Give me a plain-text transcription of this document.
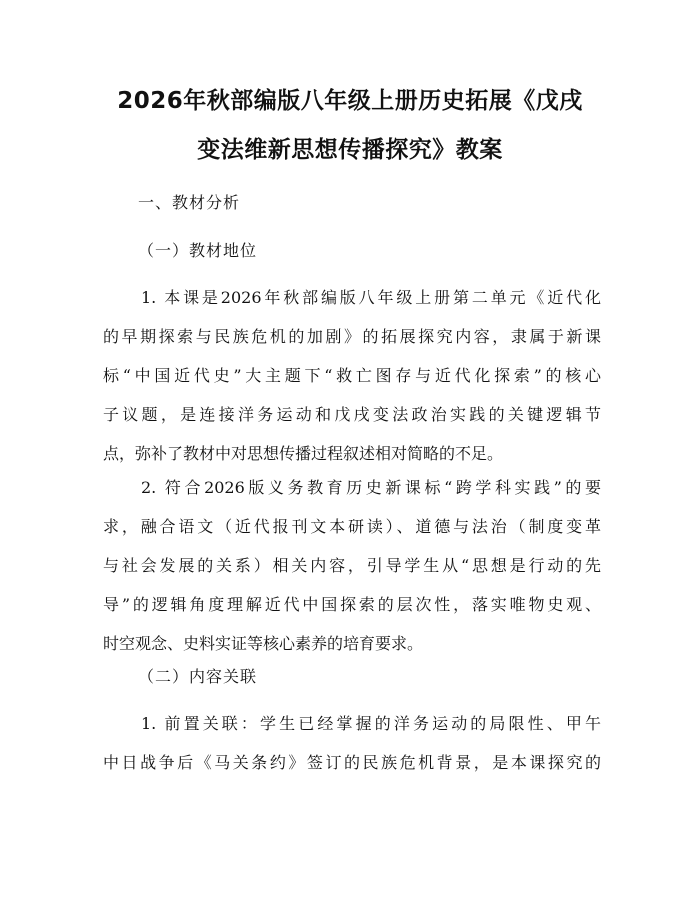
2026年秋部编版八年级上册历史拓展《戊戌
变法维新思想传播探究》教案
一、教材分析
（一）教材地位
1. 本课是2026年秋部编版八年级上册第二单元《近代化
的早期探索与民族危机的加剧》的拓展探究内容，隶属于新课
标“中国近代史”大主题下“救亡图存与近代化探索”的核心
子议题，是连接洋务运动和戊戌变法政治实践的关键逻辑节
点，弥补了教材中对思想传播过程叙述相对简略的不足。
2. 符合2026版义务教育历史新课标“跨学科实践”的要
求，融合语文（近代报刊文本研读）、道德与法治（制度变革
与社会发展的关系）相关内容，引导学生从“思想是行动的先
导”的逻辑角度理解近代中国探索的层次性，落实唯物史观、
时空观念、史料实证等核心素养的培育要求。
（二）内容关联
1. 前置关联：学生已经掌握的洋务运动的局限性、甲午
中日战争后《马关条约》签订的民族危机背景，是本课探究的
